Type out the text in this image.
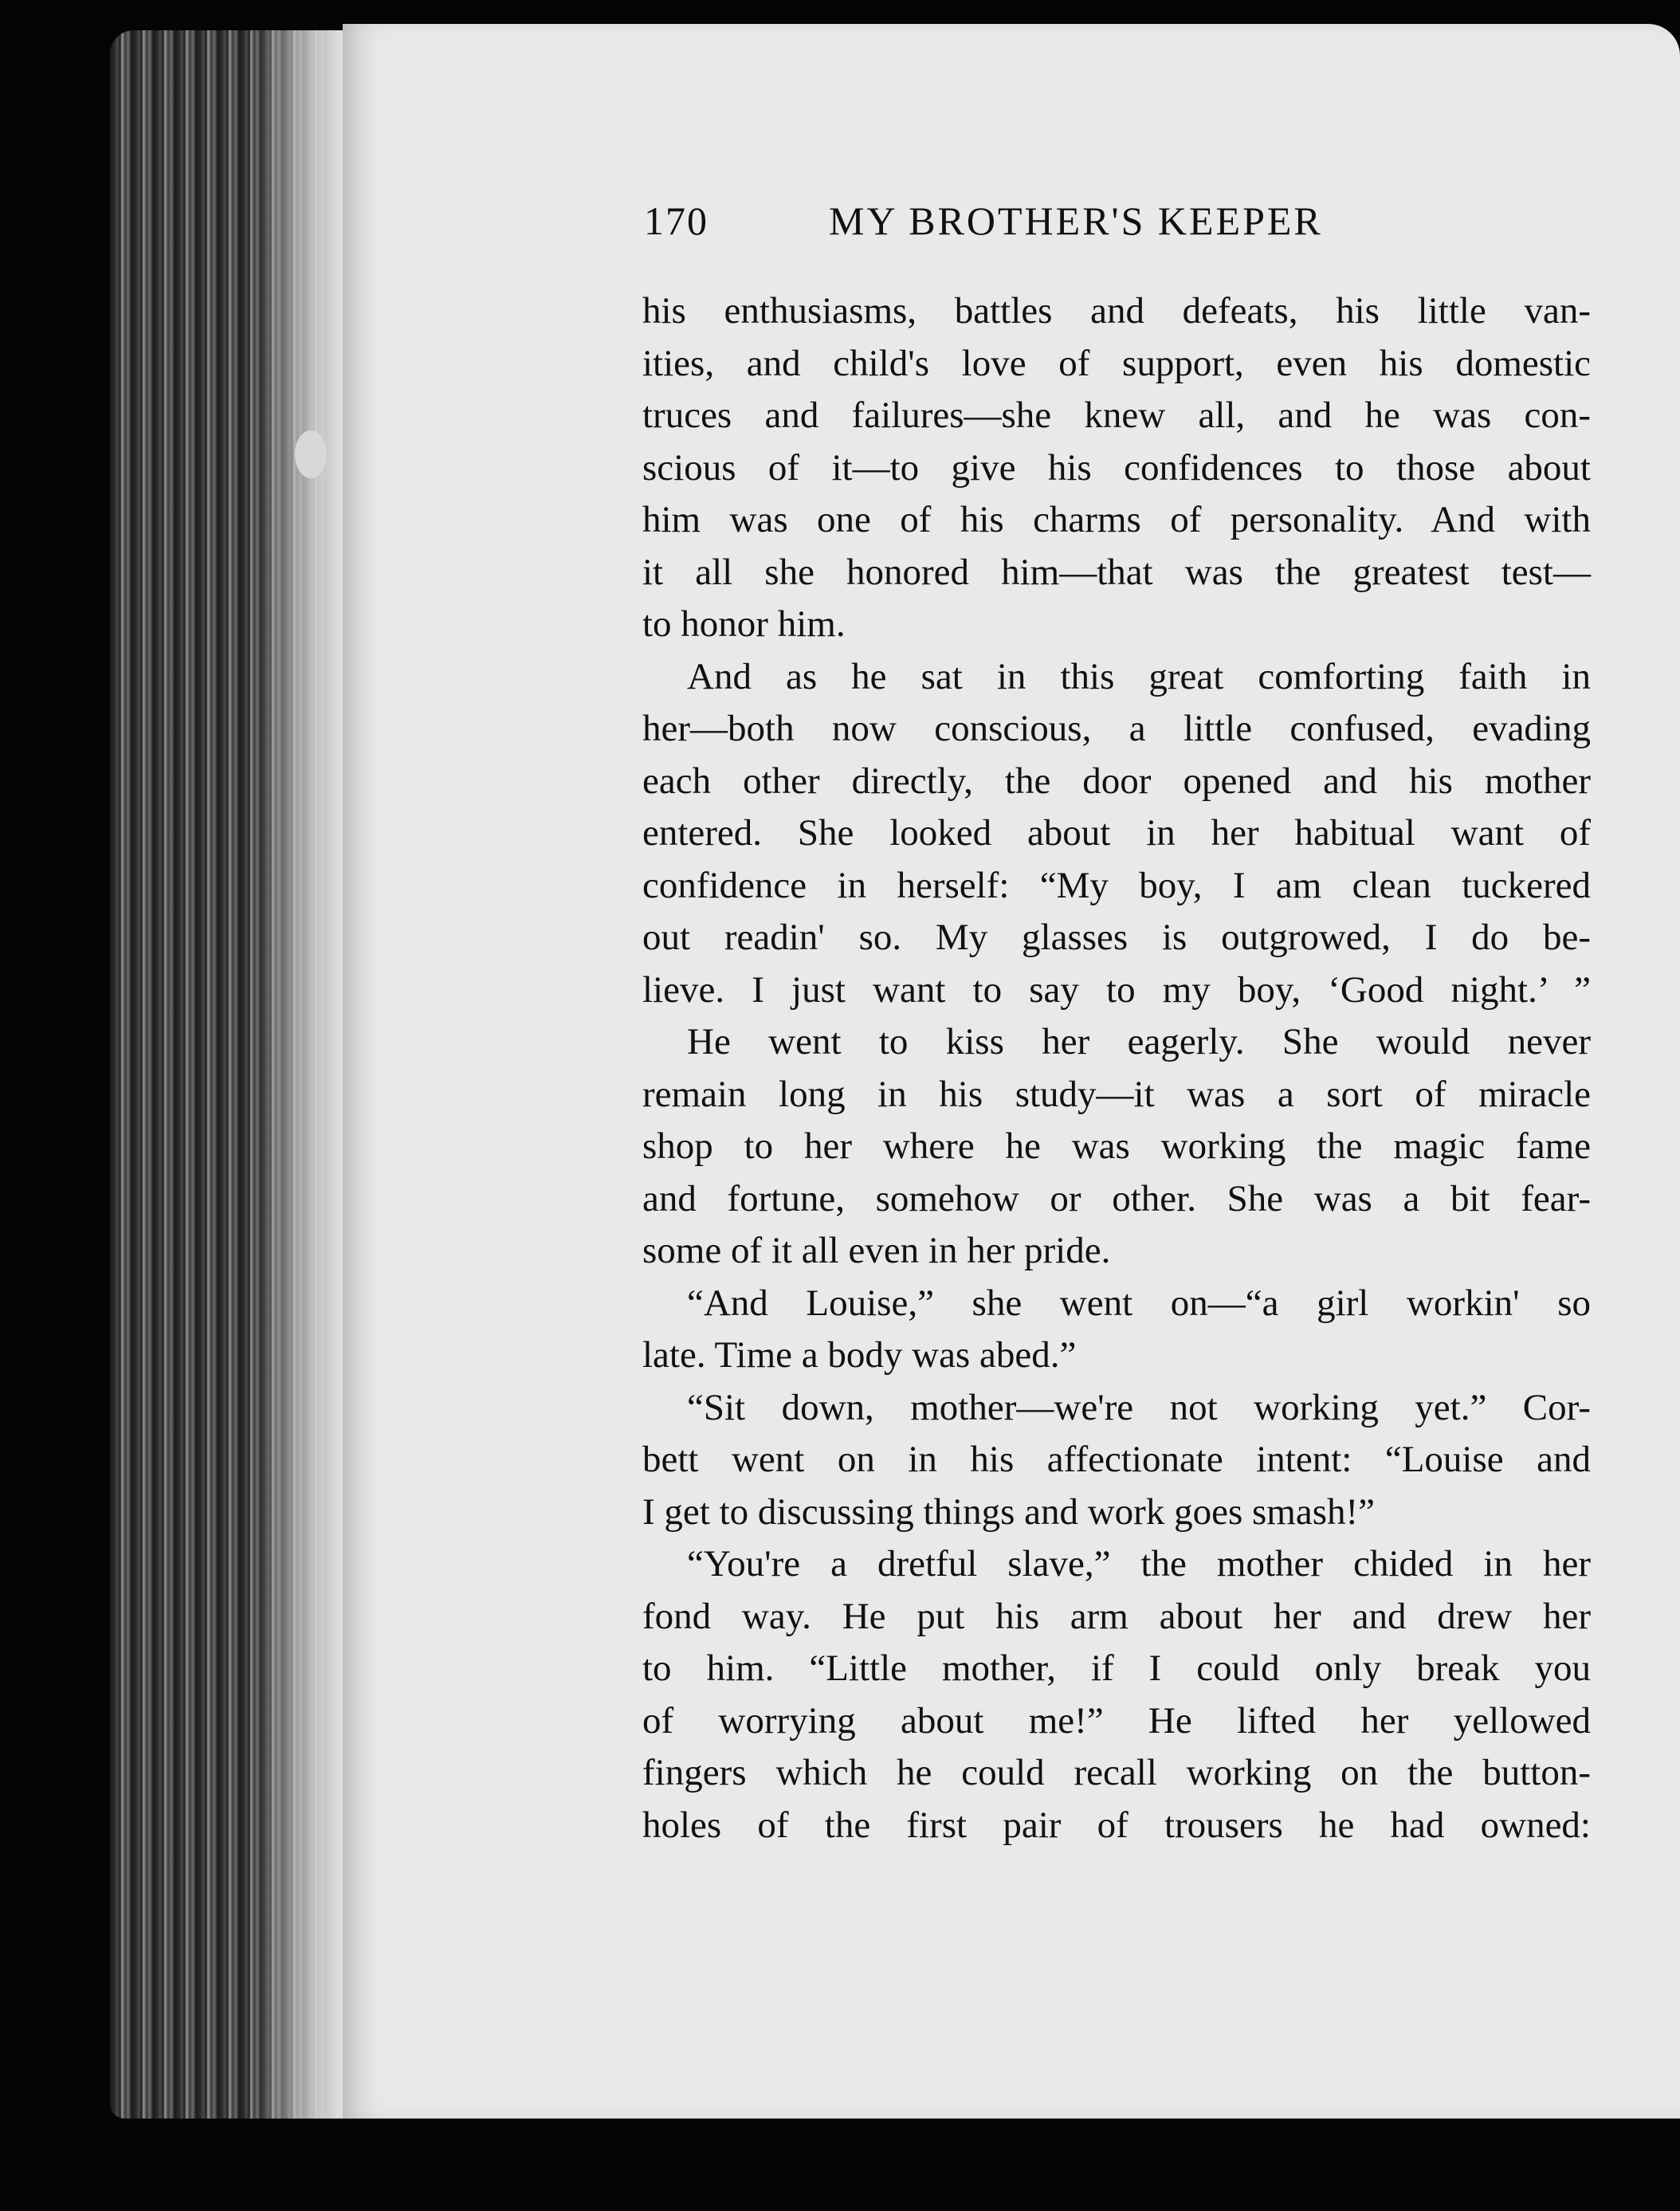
170	MY BROTHER'S KEEPER
his enthusiasms, battles and defeats, his little van-
ities, and child's love of support, even his domestic
truces and failures—she knew all, and he was con-
scious of it—to give his confidences to those about
him was one of his charms of personality. And with
it all she honored him—that was the greatest test—
to honor him.
And as he sat in this great comforting faith in
her—both now conscious, a little confused, evading
each other directly, the door opened and his mother
entered. She looked about in her habitual want of
confidence in herself: “My boy, I am clean tuckered
out readin' so. My glasses is outgrowed, I do be-
lieve. I just want to say to my boy, ‘Good night.’ ”
He went to kiss her eagerly. She would never
remain long in his study—it was a sort of miracle
shop to her where he was working the magic fame
and fortune, somehow or other. She was a bit fear-
some of it all even in her pride.
“And Louise,” she went on—“a girl workin' so
late. Time a body was abed.”
“Sit down, mother—we're not working yet.” Cor-
bett went on in his affectionate intent: “Louise and
I get to discussing things and work goes smash!”
“You're a dretful slave,” the mother chided in her
fond way. He put his arm about her and drew her
to him. “Little mother, if I could only break you
of worrying about me!” He lifted her yellowed
fingers which he could recall working on the button-
holes of the first pair of trousers he had owned:
